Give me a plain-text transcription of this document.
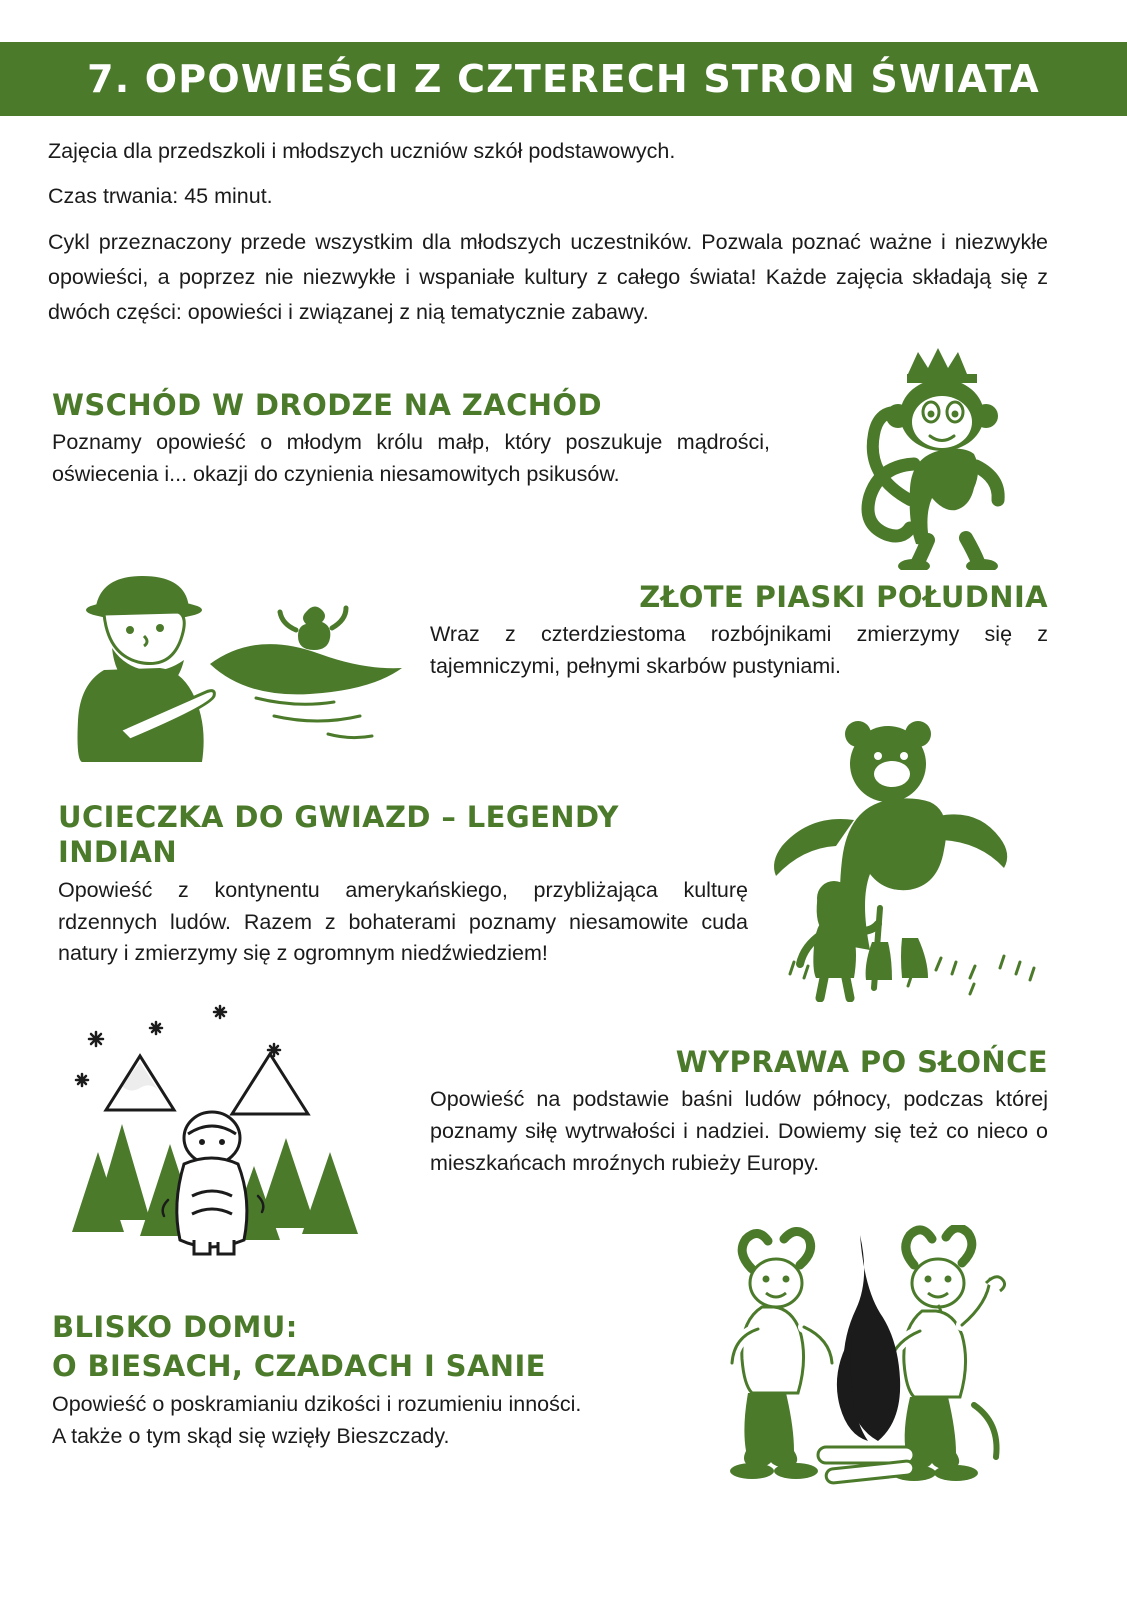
7. OPOWIEŚCI Z CZTERECH STRON ŚWIATA

Zajęcia dla przedszkoli i młodszych uczniów szkół podstawowych.

Czas trwania: 45 minut.

Cykl przeznaczony przede wszystkim dla młodszych uczestników. Pozwala poznać ważne i niezwykłe opowieści, a poprzez nie niezwykłe i wspaniałe kultury z całego świata! Każde zajęcia składają się z dwóch części: opowieści i związanej z nią tematycznie zabawy.

WSCHÓD W DRODZE NA ZACHÓD

Poznamy opowieść o młodym królu małp, który poszukuje mądrości, oświecenia i... okazji do czynienia niesamowitych psikusów.

ZŁOTE PIASKI POŁUDNIA

Wraz z czterdziestoma rozbójnikami zmierzymy się z tajemniczymi, pełnymi skarbów pustyniami.

UCIECZKA DO GWIAZD – LEGENDY INDIAN

Opowieść z kontynentu amerykańskiego, przybliżająca kulturę rdzennych ludów. Razem z bohaterami poznamy niesamowite cuda natury i zmierzymy się z ogromnym niedźwiedziem!

WYPRAWA PO SŁOŃCE

Opowieść na podstawie baśni ludów północy, podczas której poznamy siłę wytrwałości i nadziei. Dowiemy się też co nieco o mieszkańcach mroźnych rubieży Europy.

BLISKO DOMU:
O BIESACH, CZADACH I SANIE

Opowieść o poskramianiu dzikości i rozumieniu inności.

A także o tym skąd się wzięły Bieszczady.
